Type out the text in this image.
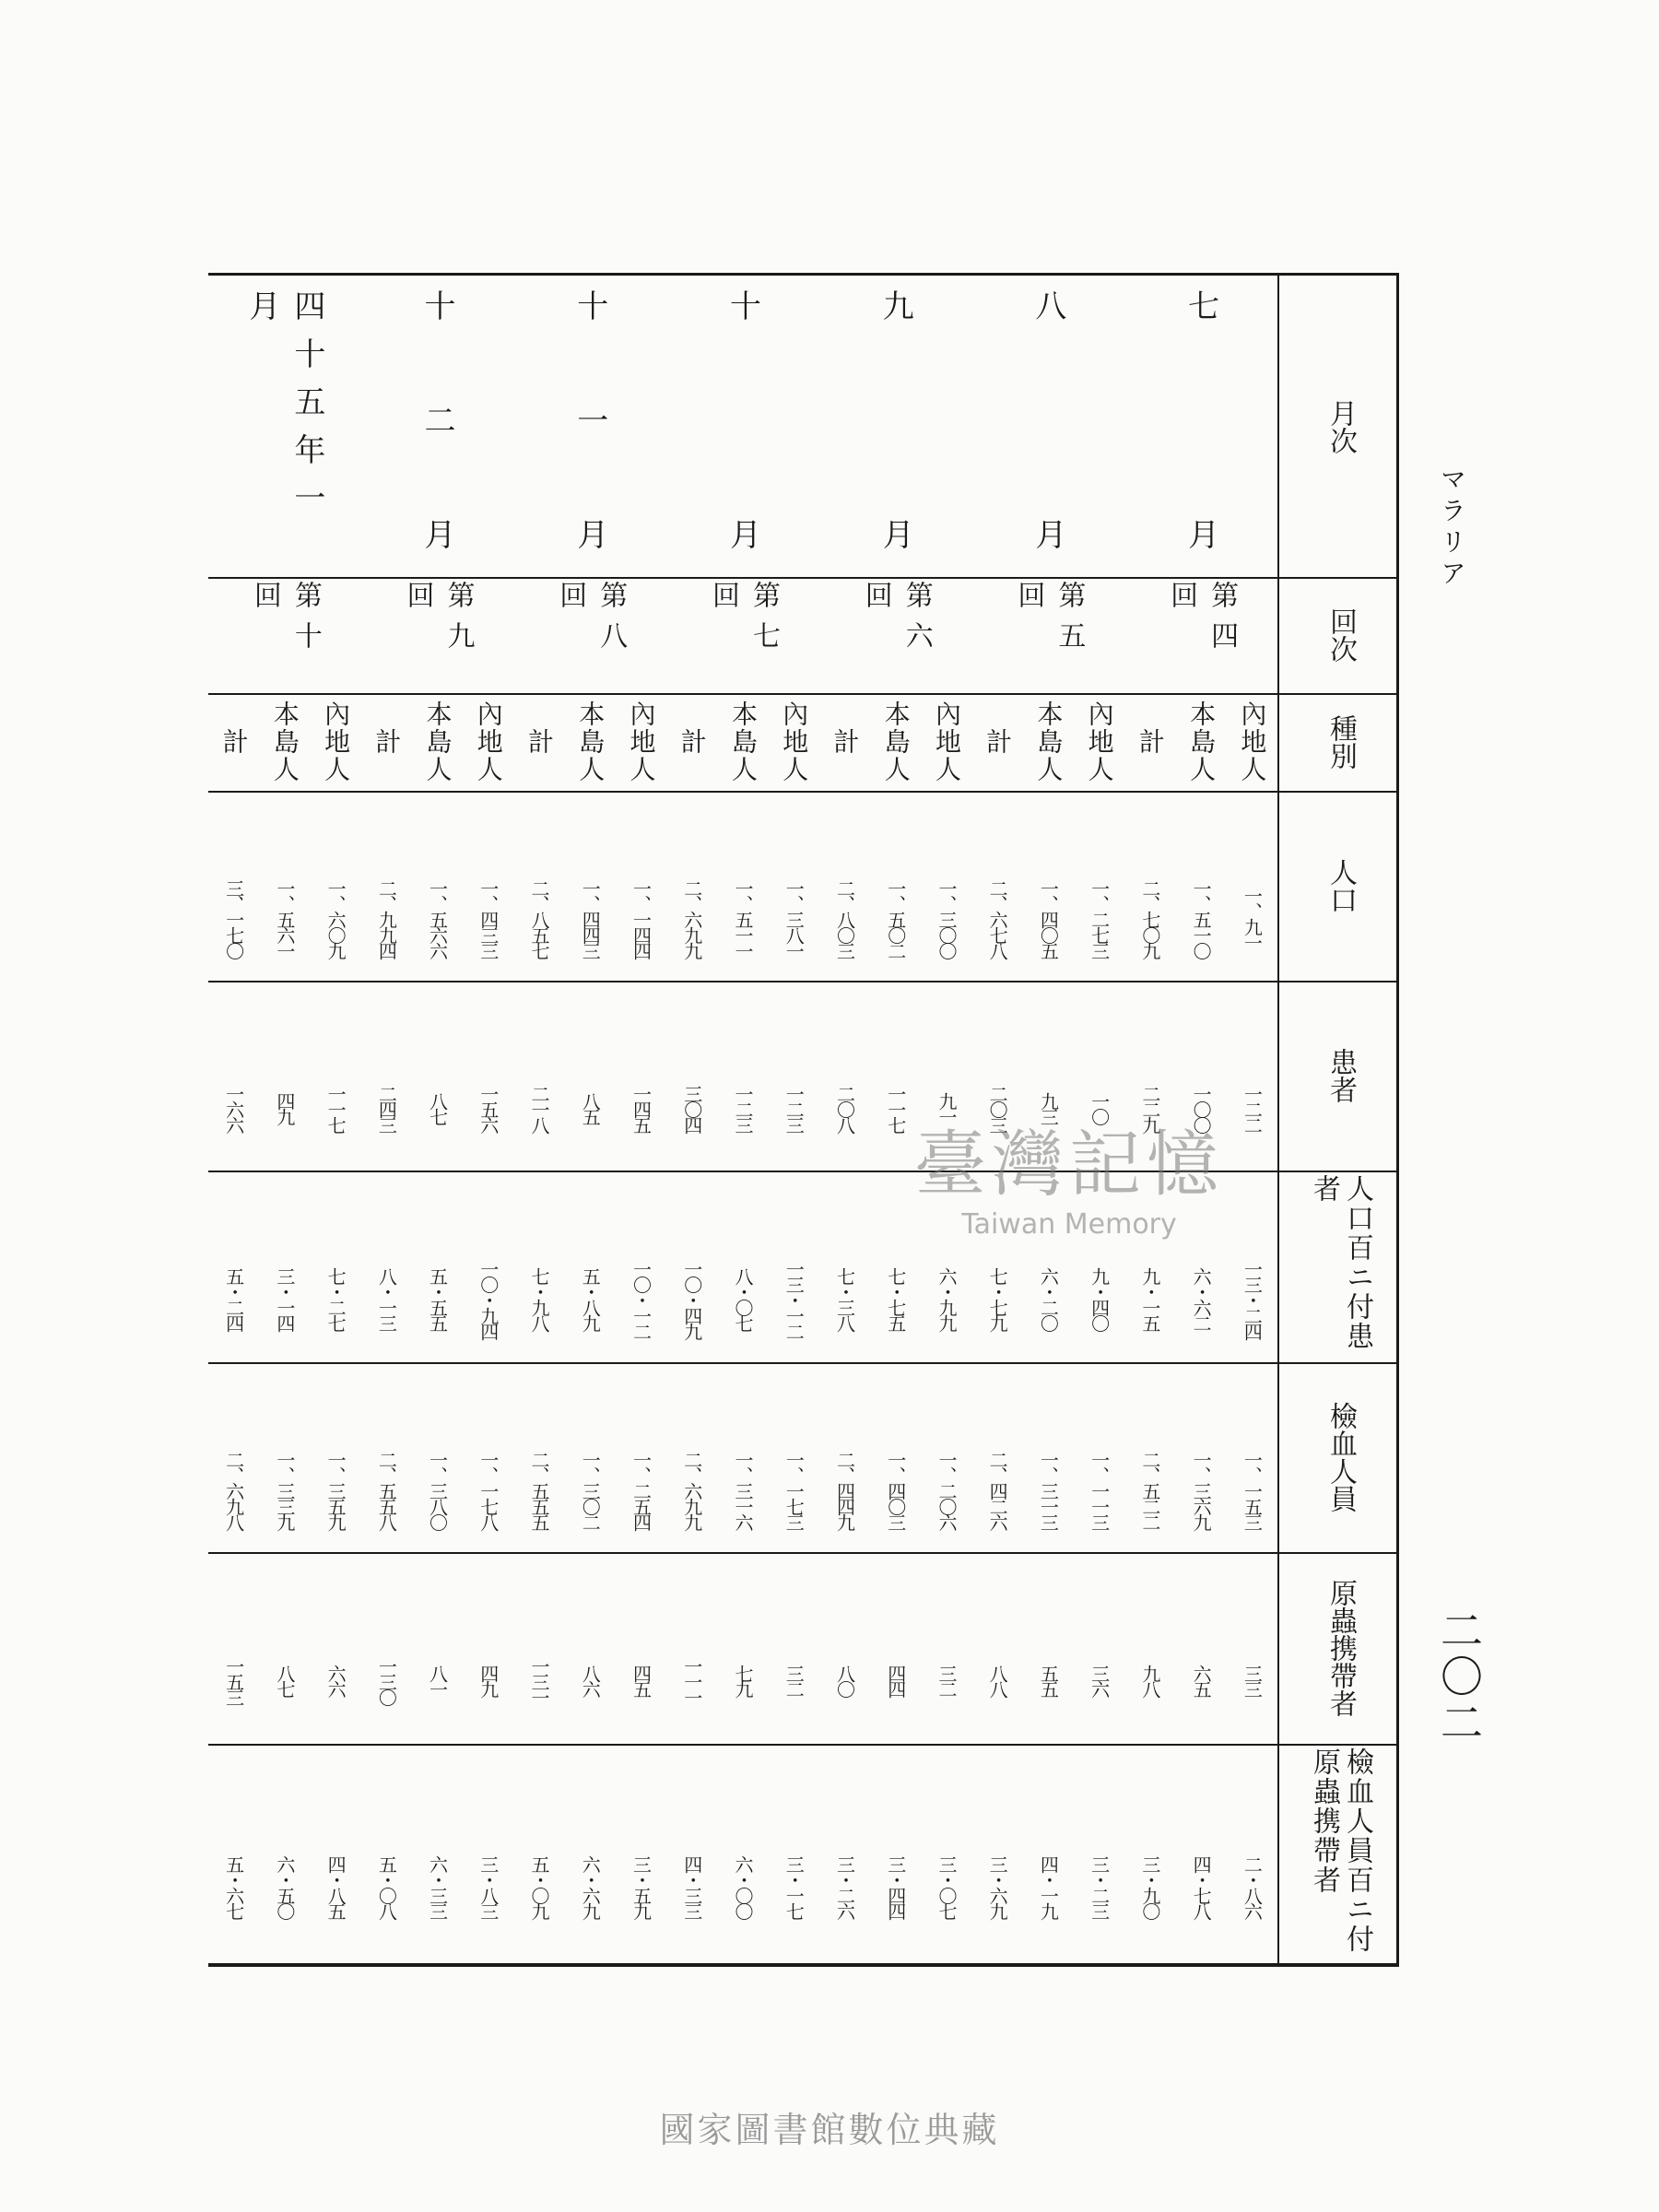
マラリア
二〇二
月次
回次
種別
人口
患者
人口百ニ付患者
檢血人員
原蟲携帶者
檢血人員百ニ付原蟲携帶者
七月
第四回
內地人
一、九一
一二二
一三・二四
一、一五三
三三
二・八六
本島人
一、五一〇
一〇〇
六・六二
一、三六九
六五
四・七八
計
二、七〇九
二二九
九・一五
二、五二二
九八
三・九〇
八月
第五回
內地人
一、二七三
一〇
九・四〇
一、一一三
三六
三・二三
本島人
一、四〇五
九三
六・二〇
一、三一三
五五
四・一九
計
二、六七八
二〇三
七・七九
二、四二六
八八
三・六九
九月
第六回
內地人
一、三〇〇
九一
六・九九
一、二〇六
三二
三・〇七
本島人
一、五〇二
一一七
七・七五
一、四〇三
四四
三・四四
計
二、八〇三
二〇八
七・三八
二、四四九
八〇
三・二六
十月
第七回
內地人
一、三八一
一二三
一三・一二
一、一七三
三二
三・一七
本島人
一、五一一
一二三
八・〇七
一、三一六
七九
六・〇〇
計
二、六九九
三〇四
一〇・四九
二、六九九
一一一
四・三三
十一月
第八回
內地人
一、一四四
一四五
一〇・一二
一、二五四
四五
三・五九
本島人
一、四四三
八五
五・八九
一、三〇二
八六
六・六九
計
二、八五七
二一八
七・九八
二、五五五
一三一
五・〇九
十二月
第九回
內地人
一、四三三
一五六
一〇・九四
一、一七八
四九
三・八三
本島人
一、五六六
八七
五・五五
一、三八〇
八一
六・三三
計
二、九九四
二四三
八・一三
二、五五八
一三〇
五・〇八
四十五年一月
第十回
內地人
一、六〇九
一一七
七・二七
一、三五九
六六
四・八五
本島人
一、五六一
四九
三・一四
一、三三九
八七
六・五〇
計
三、一七〇
一六六
五・二四
二、六九八
一五三
五・六七
臺灣記憶
Taiwan Memory
國家圖書館數位典藏
